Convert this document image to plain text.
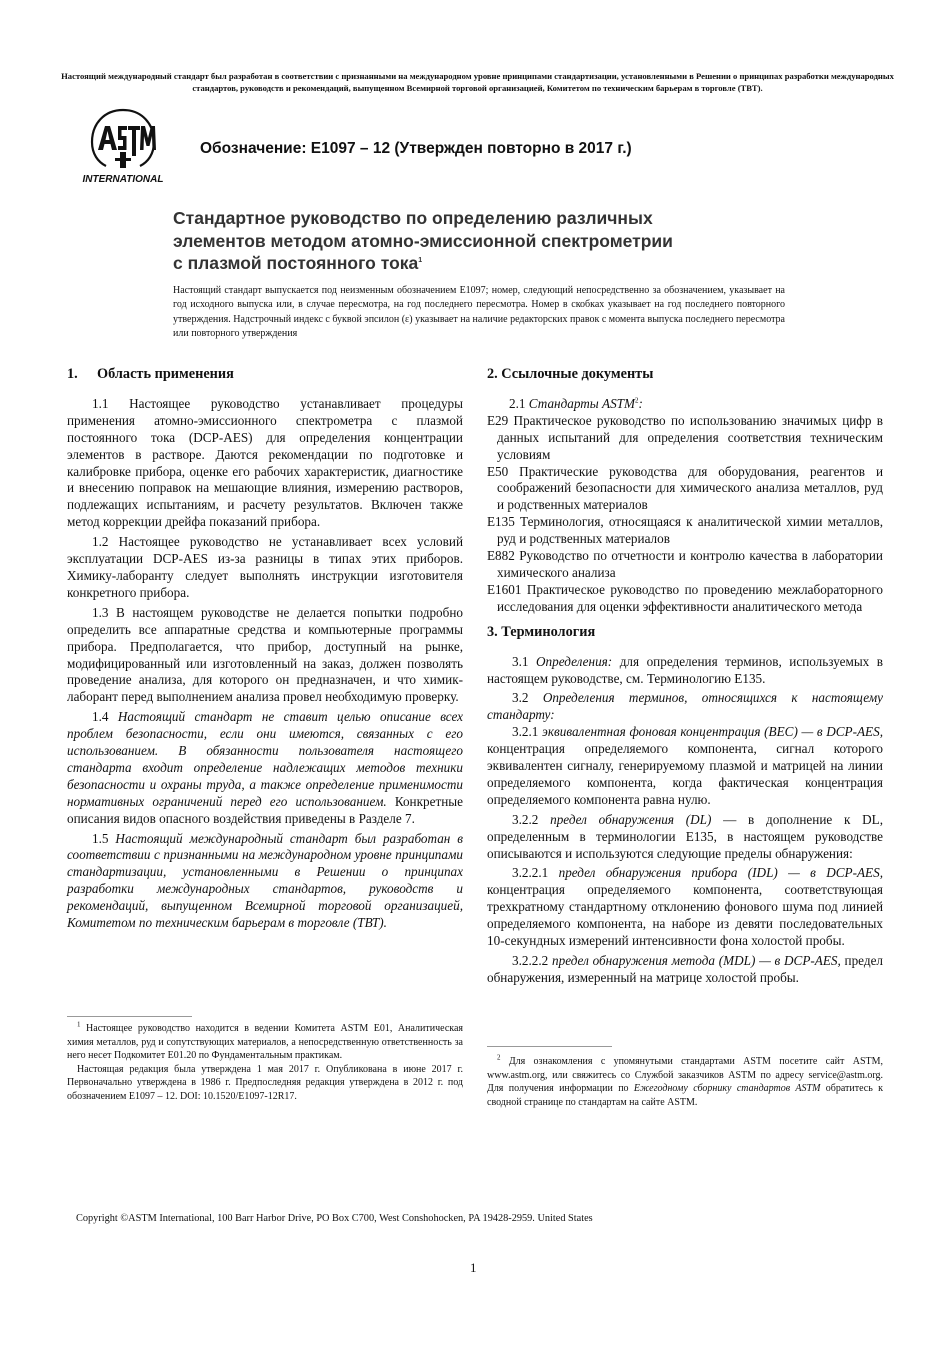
Настоящий международный стандарт был разработан в соответствии с признанными на международном уровне принципами стандартизации, установленными в Решении о принципах разработки международных стандартов, руководств и рекомендаций, выпущенном Всемирной торговой организацией, Комитетом по техническим барьерам в торговле (ТВТ).
INTERNATIONAL
Обозначение: E1097 – 12 (Утвержден повторно в 2017 г.)
Стандартное руководство по определению различных
элементов методом атомно-эмиссионной спектрометрии
с плазмой постоянного тока$^1$
Настоящий стандарт выпускается под неизменным обозначением E1097; номер, следующий непосредственно за обозначением, указывает на год исходного выпуска или, в случае пересмотра, на год последнего пересмотра. Номер в скобках указывает на год последнего повторного утверждения. Надстрочный индекс с буквой эпсилон (ε) указывает на наличие редакторских правок с момента выпуска последнего пересмотра или повторного утверждения
1. Область применения

1.1 Настоящее руководство устанавливает процедуры применения атомно-эмиссионного спектрометра с плазмой постоянного тока (DCP-AES) для определения концентрации элементов в растворе. Даются рекомендации по подготовке и калибровке прибора, оценке его рабочих характеристик, диагностике и внесению поправок на мешающие влияния, измерению растворов, подлежащих испытаниям, и расчету результатов. Включен также метод коррекции дрейфа показаний прибора.

1.2 Настоящее руководство не устанавливает всех условий эксплуатации DCP-AES из-за разницы в типах этих приборов. Химику-лаборанту следует выполнять инструкции изготовителя конкретного прибора.

1.3 В настоящем руководстве не делается попытки подробно определить все аппаратные средства и компьютерные программы прибора. Предполагается, что прибор, доступный на рынке, модифицированный или изготовленный на заказ, должен позволять проведение анализа, для которого он предназначен, и что химик-лаборант перед выполнением анализа провел необходимую проверку.

1.4 Настоящий стандарт не ставит целью описание всех проблем безопасности, если они имеются, связанных с его использованием. В обязанности пользователя настоящего стандарта входит определение надлежащих методов техники безопасности и охраны труда, а также определение применимости нормативных ограничений перед его использованием. Конкретные описания видов опасного воздействия приведены в Разделе 7.

1.5 Настоящий международный стандарт был разработан в соответствии с признанными на международном уровне принципами стандартизации, установленными в Решении о принципах разработки международных стандартов, руководств и рекомендаций, выпущенном Всемирной торговой организацией, Комитетом по техническим барьерам в торговле (ТВТ).

2. Ссылочные документы

2.1 Стандарты ASTM$^2$:

E29 Практическое руководство по использованию значимых цифр в данных испытаний для определения соответствия техническим условиям

E50 Практические руководства для оборудования, реагентов и соображений безопасности для химического анализа металлов, руд и родственных материалов

E135 Терминология, относящаяся к аналитической химии металлов, руд и родственных материалов

E882 Руководство по отчетности и контролю качества в лаборатории химического анализа

E1601 Практическое руководство по проведению межлабораторного исследования для оценки эффективности аналитического метода

3. Терминология

3.1 Определения: для определения терминов, используемых в настоящем руководстве, см. Терминологию E135.

3.2 Определения терминов, относящихся к настоящему стандарту:

3.2.1 эквивалентная фоновая концентрация (BEC) — в DCP-AES, концентрация определяемого компонента, сигнал которого эквивалентен сигналу, генерируемому плазмой и матрицей на линии определяемого компонента, когда фактическая концентрация определяемого компонента равна нулю.

3.2.2 предел обнаружения (DL) — в дополнение к DL, определенным в терминологии E135, в настоящем руководстве описываются и используются следующие пределы обнаружения:

3.2.2.1 предел обнаружения прибора (IDL) — в DCP-AES, концентрация определяемого компонента, соответствующая трехкратному стандартному отклонению фонового шума под линией определяемого компонента, на наборе из девяти последовательных 10-секундных измерений интенсивности фона холостой пробы.

3.2.2.2 предел обнаружения метода (MDL) — в DCP-AES, предел обнаружения, измеренный на матрице холостой пробы.

$^1$ Настоящее руководство находится в ведении Комитета ASTM E01, Аналитическая химия металлов, руд и сопутствующих материалов, а непосредственную ответственность за него несет Подкомитет E01.20 по Фундаментальным практикам.

Настоящая редакция была утверждена 1 мая 2017 г. Опубликована в июне 2017 г. Первоначально утверждена в 1986 г. Предпоследняя редакция утверждена в 2012 г. под обозначением E1097 – 12. DOI: 10.1520/E1097-12R17.

$^2$ Для ознакомления с упомянутыми стандартами ASTM посетите сайт ASTM, www.astm.org, или свяжитесь со Службой заказчиков ASTM по адресу service@astm.org. Для получения информации по Ежегодному сборнику стандартов ASTM обратитесь к сводной странице по стандартам на сайте ASTM.

Copyright ©ASTM International, 100 Barr Harbor Drive, PO Box C700, West Conshohocken, PA 19428-2959. United States
1
